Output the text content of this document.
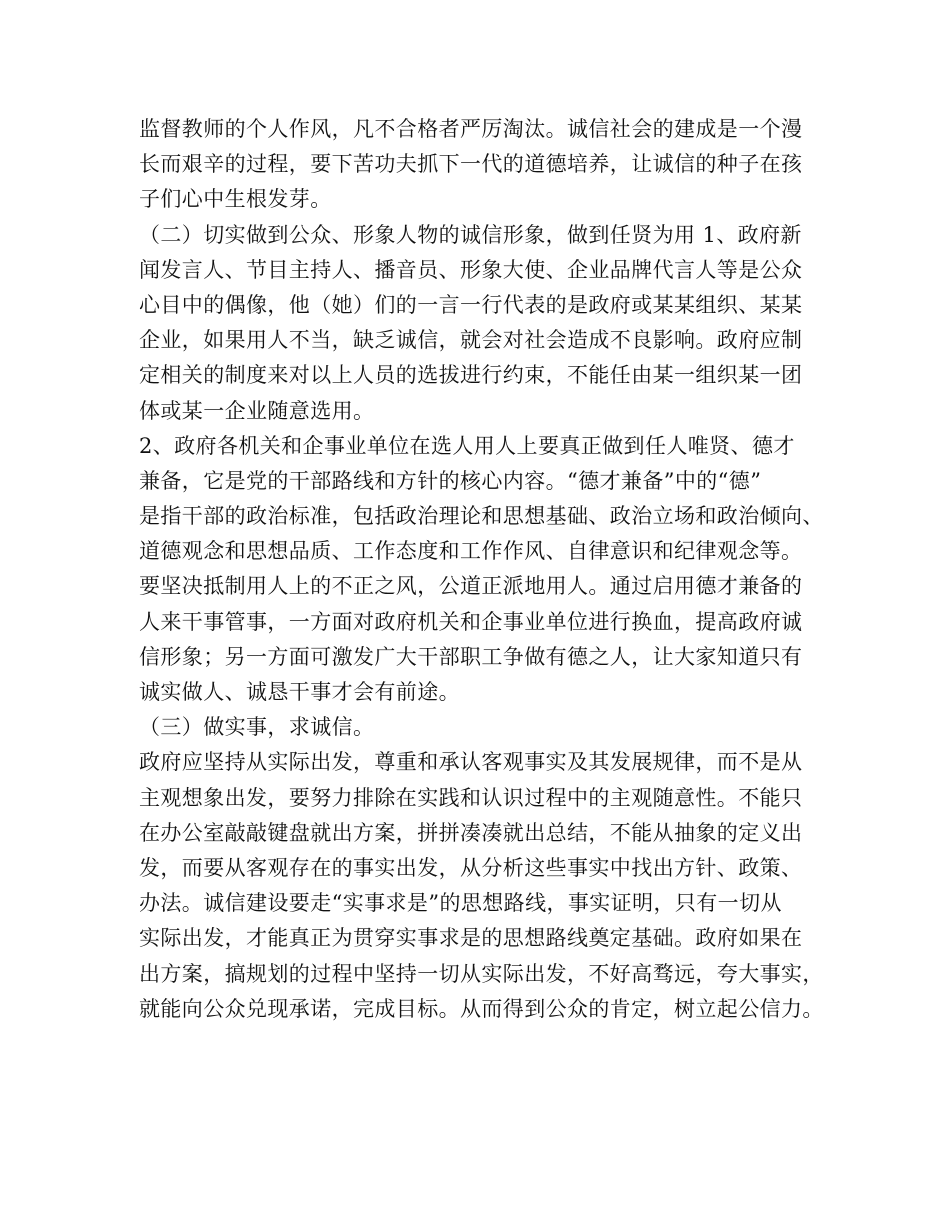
监督教师的个人作风，凡不合格者严厉淘汰。诚信社会的建成是一个漫
长而艰辛的过程，要下苦功夫抓下一代的道德培养，让诚信的种子在孩
子们心中生根发芽。
（二）切实做到公众、形象人物的诚信形象，做到任贤为用 1、政府新
闻发言人、节目主持人、播音员、形象大使、企业品牌代言人等是公众
心目中的偶像，他（她）们的一言一行代表的是政府或某某组织、某某
企业，如果用人不当，缺乏诚信，就会对社会造成不良影响。政府应制
定相关的制度来对以上人员的选拔进行约束，不能任由某一组织某一团
体或某一企业随意选用。
2、政府各机关和企事业单位在选人用人上要真正做到任人唯贤、德才
兼备，它是党的干部路线和方针的核心内容。“德才兼备”中的“德”
是指干部的政治标准，包括政治理论和思想基础、政治立场和政治倾向、
道德观念和思想品质、工作态度和工作作风、自律意识和纪律观念等。
要坚决抵制用人上的不正之风，公道正派地用人。通过启用德才兼备的
人来干事管事，一方面对政府机关和企事业单位进行换血，提高政府诚
信形象；另一方面可激发广大干部职工争做有德之人，让大家知道只有
诚实做人、诚恳干事才会有前途。
（三）做实事，求诚信。
政府应坚持从实际出发，尊重和承认客观事实及其发展规律，而不是从
主观想象出发，要努力排除在实践和认识过程中的主观随意性。不能只
在办公室敲敲键盘就出方案，拼拼凑凑就出总结，不能从抽象的定义出
发，而要从客观存在的事实出发，从分析这些事实中找出方针、政策、
办法。诚信建设要走“实事求是”的思想路线，事实证明，只有一切从
实际出发，才能真正为贯穿实事求是的思想路线奠定基础。政府如果在
出方案，搞规划的过程中坚持一切从实际出发，不好高骛远，夸大事实，
就能向公众兑现承诺，完成目标。从而得到公众的肯定，树立起公信力。
